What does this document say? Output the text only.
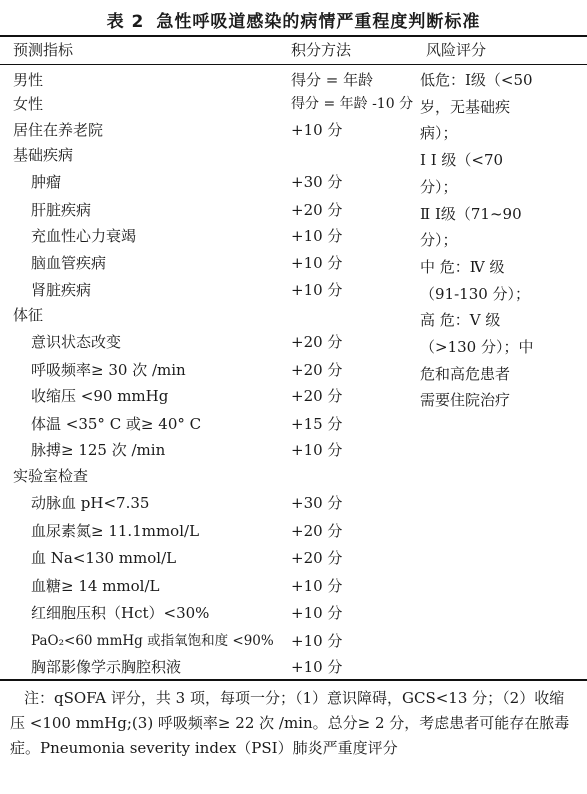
表 2 急性呼吸道感染的病情严重程度判断标准
预测指标	积分方法	风险评分
男性	得分 = 年龄
女性	得分 = 年龄 -10 分
居住在养老院	+10 分
基础疾病
肿瘤	+30 分
肝脏疾病	+20 分
充血性心力衰竭	+10 分
脑血管疾病	+10 分
肾脏疾病	+10 分
体征
意识状态改变	+20 分
呼吸频率≥ 30 次 /min	+20 分
收缩压 <90 mmHg	+20 分
体温 <35° C 或≥ 40° C	+15 分
脉搏≥ 125 次 /min	+10 分
实验室检查
动脉血 pH<7.35	+30 分
血尿素氮≥ 11.1mmol/L	+20 分
血 Na<130 mmol/L	+20 分
血糖≥ 14 mmol/L	+10 分
红细胞压积（Hct）<30%	+10 分
PaO₂<60 mmHg 或指氧饱和度 <90% +10 分
胸部影像学示胸腔积液	+10 分
低危：Ⅰ级（<50
岁，无基础疾
病）；
Ⅰ Ⅰ 级（<70
分）；
Ⅱ Ⅰ级（71~90
分）；
中 危：Ⅳ 级
（91-130 分）；
高 危：Ⅴ 级
（>130 分）；中
危和高危患者
需要住院治疗
注：qSOFA 评分，共 3 项，每项一分；（1）意识障碍，GCS<13 分；（2）收缩压 <100 mmHg;(3) 呼吸频率≥ 22 次 /min。总分≥ 2 分，考虑患者可能存在脓毒症。Pneumonia severity index（PSI）肺炎严重度评分
